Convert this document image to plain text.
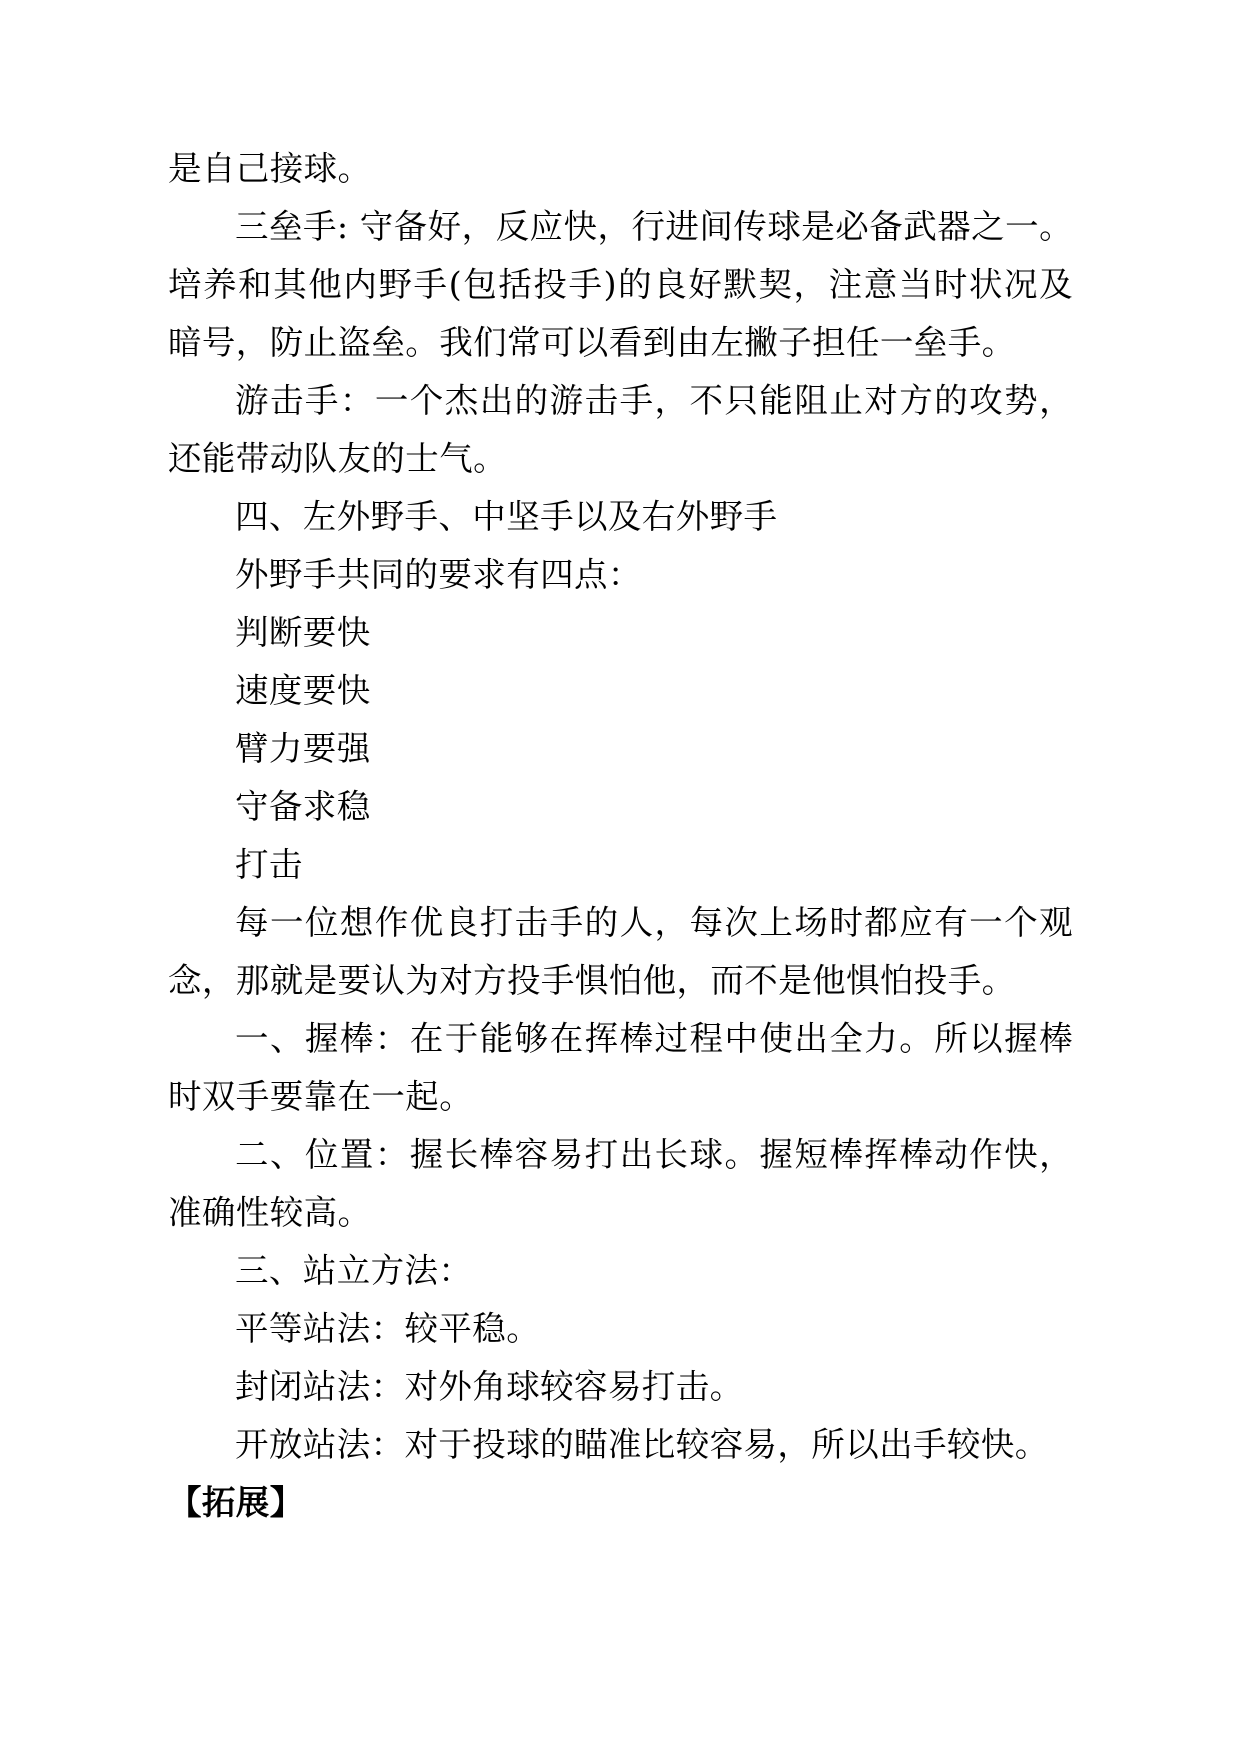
是自己接球。

三垒手: 守备好，反应快，行进间传球是必备武器之一。培养和其他内野手(包括投手)的良好默契，注意当时状况及暗号，防止盗垒。我们常可以看到由左撇子担任一垒手。

游击手：一个杰出的游击手，不只能阻止对方的攻势，还能带动队友的士气。

四、左外野手、中坚手以及右外野手

外野手共同的要求有四点：

判断要快

速度要快

臂力要强

守备求稳

打击

每一位想作优良打击手的人，每次上场时都应有一个观念，那就是要认为对方投手惧怕他，而不是他惧怕投手。

一、握棒：在于能够在挥棒过程中使出全力。所以握棒时双手要靠在一起。

二、位置：握长棒容易打出长球。握短棒挥棒动作快，准确性较高。

三、站立方法：

平等站法：较平稳。

封闭站法：对外角球较容易打击。

开放站法：对于投球的瞄准比较容易，所以出手较快。

【拓展】
